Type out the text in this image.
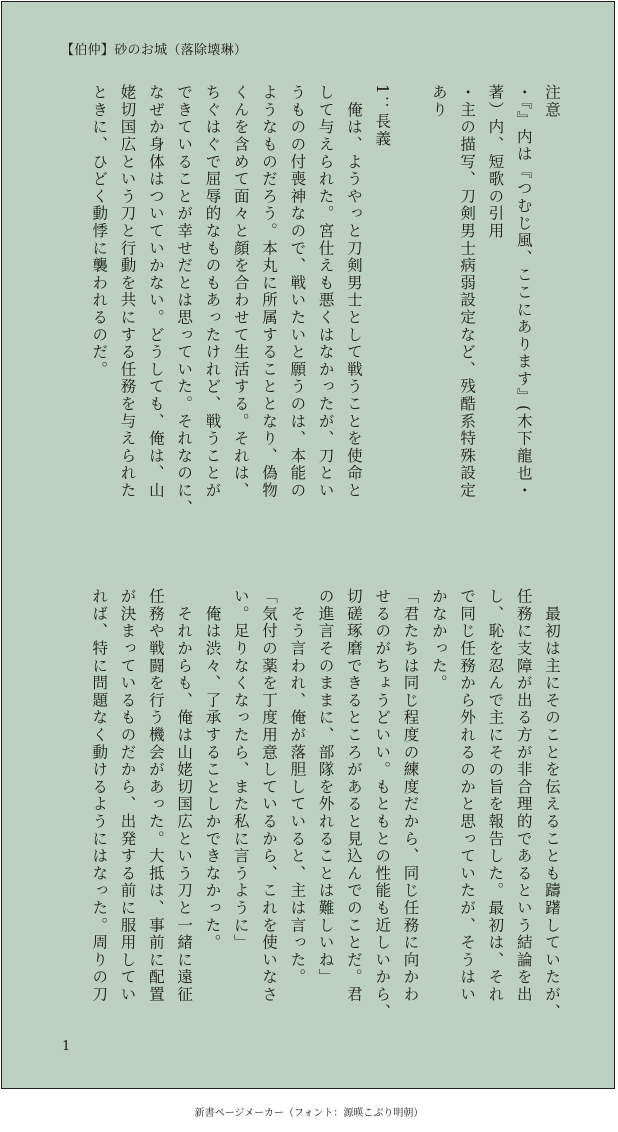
【伯仲】砂のお城（落除壊琳）
注意
・『』内は『つむじ風、ここにあります』(木下龍也・
著）内、短歌の引用
・主の描写、刀剣男士病弱設定など、残酷系特殊設定
あり

1：長義
　俺は、ようやっと刀剣男士として戦うことを使命と
して与えられた。宮仕えも悪くはなかったが、刀とい
うものの付喪神なので、戦いたいと願うのは、本能の
ようなものだろう。本丸に所属することとなり、偽物
くんを含めて面々と顔を合わせて生活する。それは、
ちぐはぐで屈辱的なものもあったけれど、戦うことが
できていることが幸せだとは思っていた。それなのに、
なぜか身体はついていかない。どうしても、俺は、山
姥切国広という刀と行動を共にする任務を与えられた
ときに、ひどく動悸に襲われるのだ。
　最初は主にそのことを伝えることも躊躇していたが、
任務に支障が出る方が非合理的であるという結論を出
し、恥を忍んで主にその旨を報告した。最初は、それ
で同じ任務から外れるのかと思っていたが、そうはい
かなかった。
「君たちは同じ程度の練度だから、同じ任務に向かわ
せるのがちょうどいい。もともとの性能も近しいから、
切磋琢磨できるところがあると見込んでのことだ。君
の進言そのままに、部隊を外れることは難しいね」
　そう言われ、俺が落胆していると、主は言った。
「気付の薬を丁度用意しているから、これを使いなさ
い。足りなくなったら、また私に言うように」
　俺は渋々、了承することしかできなかった。
　それからも、俺は山姥切国広という刀と一緒に遠征
任務や戦闘を行う機会があった。大抵は、事前に配置
が決まっているものだから、出発する前に服用してい
れば、特に問題なく動けるようにはなった。周りの刀
1
新書ページメーカー（フォント：源暎こぶり明朝）
